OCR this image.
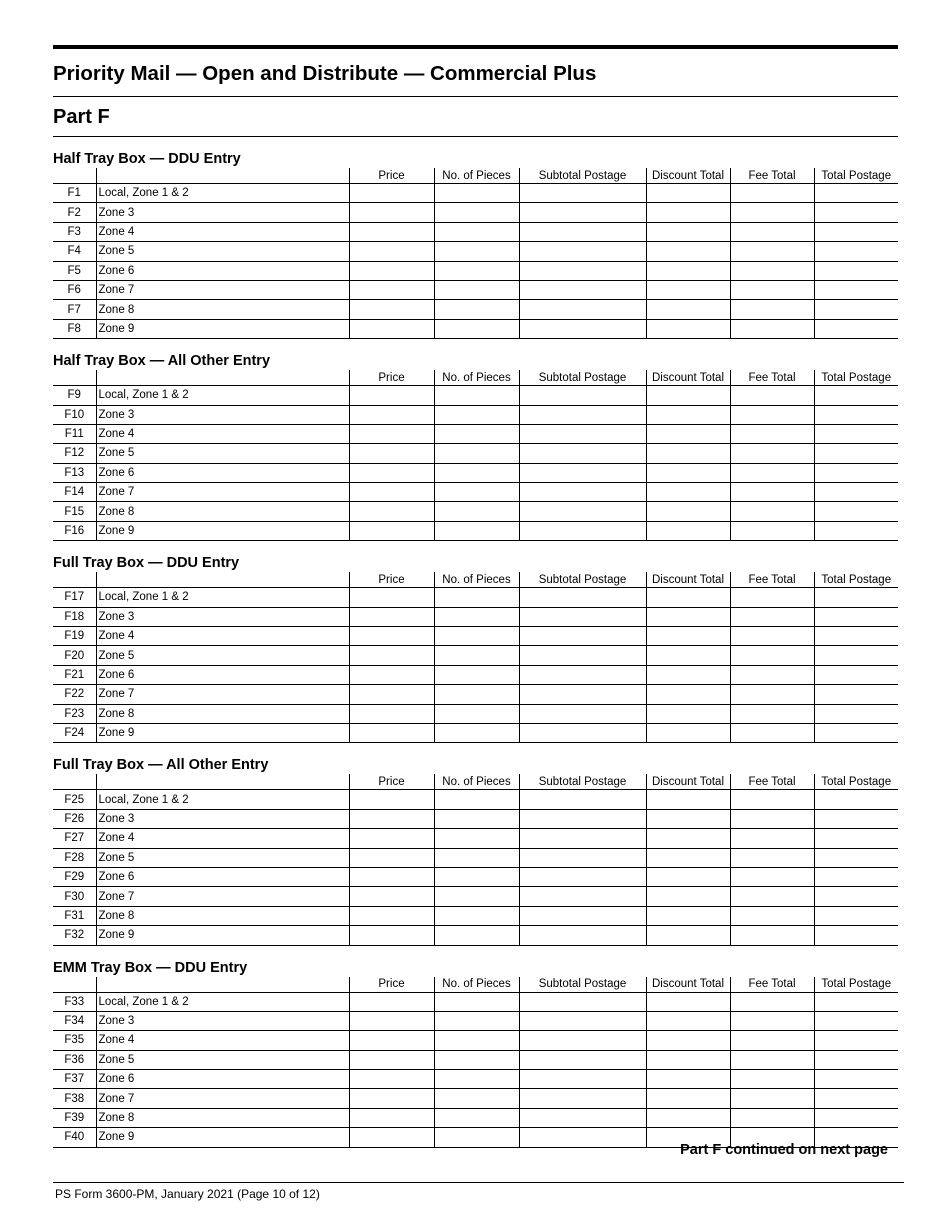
Priority Mail — Open and Distribute — Commercial Plus
Part F
Half Tray Box — DDU Entry
		Price	No. of Pieces	Subtotal Postage	Discount Total	Fee Total	Total Postage
F1	Local, Zone 1 & 2						
F2	Zone 3						
F3	Zone 4						
F4	Zone 5						
F5	Zone 6						
F6	Zone 7						
F7	Zone 8						
F8	Zone 9						
Half Tray Box — All Other Entry
		Price	No. of Pieces	Subtotal Postage	Discount Total	Fee Total	Total Postage
F9	Local, Zone 1 & 2						
F10	Zone 3						
F11	Zone 4						
F12	Zone 5						
F13	Zone 6						
F14	Zone 7						
F15	Zone 8						
F16	Zone 9						
Full Tray Box — DDU Entry
		Price	No. of Pieces	Subtotal Postage	Discount Total	Fee Total	Total Postage
F17	Local, Zone 1 & 2						
F18	Zone 3						
F19	Zone 4						
F20	Zone 5						
F21	Zone 6						
F22	Zone 7						
F23	Zone 8						
F24	Zone 9						
Full Tray Box — All Other Entry
		Price	No. of Pieces	Subtotal Postage	Discount Total	Fee Total	Total Postage
F25	Local, Zone 1 & 2						
F26	Zone 3						
F27	Zone 4						
F28	Zone 5						
F29	Zone 6						
F30	Zone 7						
F31	Zone 8						
F32	Zone 9						
EMM Tray Box — DDU Entry
		Price	No. of Pieces	Subtotal Postage	Discount Total	Fee Total	Total Postage
F33	Local, Zone 1 & 2						
F34	Zone 3						
F35	Zone 4						
F36	Zone 5						
F37	Zone 6						
F38	Zone 7						
F39	Zone 8						
F40	Zone 9						
Part F continued on next page
PS Form 3600-PM, January 2021 (Page 10 of 12)
